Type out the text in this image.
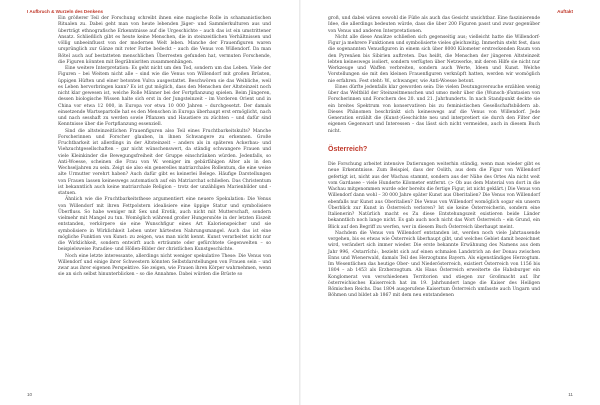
I Aufbruch & Wurzeln des Denkens

Ein größerer Teil der Forschung schreibt ihnen eine magische Rolle in schamanistischen Ritualen zu. Dabei geht man von heute lebenden Jäger- und Sammlerkulturen aus und überträgt ethnografische Erkenntnisse auf die Urgeschichte – auch das ist ein umstrittener Ansatz. Schließlich gibt es heute keine Menschen, die in steinzeitlichen Verhältnissen und völlig unbeeinflusst von der modernen Welt leben. Manche der Frauenfiguren waren ursprünglich zur Gänze mit roter Farbe bedeckt – auch die Venus von Willendorf. Da man Rötel auch auf bestatteten menschlichen Überresten gefunden hat, vermuten Forschende, die Figuren könnten mit Begräbnisriten zusammenhängen.

Eine weitere Interpretation: Es geht nicht um den Tod, sondern um das Leben. Viele der Figuren – bei Weitem nicht alle – sind wie die Venus von Willendorf mit großen Brüsten, üppigen Hüften und einer betonten Vulva ausgestattet. Beschwören sie das Weibliche, weil es Leben hervorbringen kann? Es ist gut möglich, dass den Menschen der Altsteinzeit noch nicht klar gewesen ist, welche Rolle Männer bei der Fortpflanzung spielen. Beim Jüngeren, dessen biologische Wissen halte sich erst in der Jungsteinzeit – im Vorderen Orient und in China vor etwa 12 000, in Europa vor etwa 10 000 Jahren – durchgesetzt. Der damals einsetzende Wartsepartolle hat es den Menschen in Europa überhaupt erst ermöglicht, nach und nach sesshaft zu werden sowie Pflanzen und Haustiere zu züchten – und dafür sind Kenntnisse über die Fortpflanzung essenziell.

Sind die altsteinzeitlichen Frauenfiguren also Teil eines Fruchtbarkeitskults? Manche Forscherinnen und Forscher glauben, in ihnen Schwangere zu erkennen. Große Fruchtbarkeit ist allerdings in der Altsteinzeit – anders als in späteren Ackerbau- und Viehzuchtgesellschaften – gar nicht wünschenswert, da ständig schwangere Frauen und viele Kleinkinder die Bewegungsfreiheit der Gruppe einschränken würden. Jedenfalls, so Anti-Woesse, scheinen die Frau von W. weniger im gebärfähigen Alter als in den Wechseljahren zu sein. Zeigt sie also ein generelles matriarchales Rollentum, die eine weise alte Urmutter verehrt haben? Auch dafür gibt es keinerlei Belege. Häufige Darstellungen von Frauen lassen keineswegs automatisch auf ein Matriarchat schließen. Das Christentum ist bekanntlich auch keine matriarchale Religion – trotz der unzähligen Marienbilder und -statuen.

Ähnlich wie die Fruchtbarkeitsthese argumentiert eine neuere Spekulation: Die Venus von Willendorf mit ihren Fettpolstern idealisiere eine üppige Statur und symbolisiere Überfluss. So habe weniger mit Sex und Erotik, auch nicht mit Mutterschaft, sondern vielmehr mit Mangel zu tun. Womöglich während großer Hungersnöte in der letzten Eiszeit entstanden, verkörpere sie eine Wunschfigur eines Art Kalorienspeicher und sie symbolisiere in Wirklichkeit Leben unter härtesten Nahrungsmangel. Auch das ist eine mögliche Funktion von Kunst: zu zeigen, was man nicht kennt. Kunst verarbeitet nicht nur die Wirklichkeit, sondern entwirft auch erträumte oder gefürchtete Gegenwelten – so beispielsweise Paradies- und Höllen-Bilder der christlichen Kunstgeschichte.

Noch eine letzte interessante, allerdings nicht weniger spekulative These: Die Venus von Willendorf und einige ihrer Schwestern könnten Selbstdarstellungen von Frauen sein – und zwar aus ihrer eigenen Perspektive. Sie zeigen, wie Frauen ihren Körper wahrnehmen, wenn sie an sich selbst hinunterblicken – so die Annahme. Dabei würden die Brüste so

10
Auftakt

groß, und dabei wären sowohl die Füße als auch das Gesicht unsichtbar. Eine faszinierende Idee, die allerdings bedeuten würde, dass die über 200 Figuren passt und zwar gegenüber von Venus und anderen Interpretationen.

Nicht alle diese Ansätze schließen sich gegenseitig aus; vielleicht hatte die Willendorf-Figur ja mehrere Funktionen und symbolisierte vieles gleichzeitig. Immerhin steht fest, dass die sogenannten Venusfiguren in einem sich über 8000 Kilometer erstreckenden Raum von den Pyrenäen bis Sibirien auftreten. Das heißt, die Menschen der jüngeren Altsteinzeit lebten keineswegs isoliert, sondern verfügten über Netzwerke, mit deren Hilfe sie nicht nur Werkzeuge und Waffen verbreiten, sondern auch Werte, Ideen und Kunst. Welche Vorstellungen sie mit den kleinen Frauenfiguren verknüpft hatten, werden wir womöglich nie erfahren. Fest steht: W., schwanger, wie Anti-Woesse betont.

Eines dürfte jedenfalls klar geworden sein: Die vielen Deutungsversuche erzählen wenig über das Weltbild der Steinzeitmenschen und umso mehr über die (Wunsch-)Fantasien von Forscherinnen und Forschern des 20. und 21. Jahrhunderts. In nach Standpunkt deckte sie ein breites Spektrum von konservativen bis zu feministischen Gesellschaftsbildern ab. Dieses Phänomen beschränkt sich keineswegs auf die Venus von Willendorf. Jede Generation erzählt die (Kunst-)Geschichte neu und interpretiert sie durch den Filter der eigenen Gegenwart und Interessen – das lässt sich nicht vermeiden, auch in diesem Buch nicht.

Österreich?

Die Forschung arbeitet intensive Datierungen weiterhin ständig, wenn man wieder gibt es neue Erkenntnisse. Zum Beispiel, dass der Oolith, aus dem die Figur von Willendorf gefertigt ist, nicht aus der Wachau stammt, sondern aus der Nähe des Ortes Ala nicht weit vom Gardasee – viele Hunderte Kilometer entfernt. (> Ob aus dem Material von dort in die Wachau mitgenommen wurde oder bereits die fertige Figur, ist nicht geklärt.) Die Venus von Willendorf dann wohl – 30 000 Jahre später Kunst aus Oberitalien? Die Venus von Willendorf ebenfalls nur Kunst aus Oberitalien? Die Venus von Willendorf womöglich sogar ein unsern Überblick zur Kunst in Österreich verloren? Ist sie keine Österreicherin, sondern eine Italienerin? Natürlich macht es Zu diese Entstehungszeit existieren beide Länder bekanntlich noch lange nicht. Es gab auch noch nicht das Wort Österreich – ein Grund, ein Blick auf den Begriff zu werfen, wer in diesem Buch Österreich überhaupt meint.

Nachdem die Venus von Willendorf entstanden ist, werden noch viele Jahrtausende vergehen, bis es etwas wie Österreich überhaupt gibt, und welches Gebiet damit bezeichnet wird, verändert sich immer wieder. Die erste bekannte Erwähnung des Namens aus dem Jahr 996, ›Ostarrîchi‹, bezieht sich auf einen schmalen Landstrich an der Donau zwischen Enns und Wienerwald, damals Teil des Herzogtums Bayern. Als eigenständiges Herzogtum. Im Wesentlichen das heutige Ober- und Niederösterreich, existiert Österreich von 1156 bis 1804 – ab 1453 als Erzherzogtum. Als Haus Österreich erweiterte die Habsburger ein Konglomerat von verschiedenen Territorien und stiegen zur Großmacht auf. Ihr österreichisches Kaiserreich hat im 19. Jahrhundert lange die Kaiser des Heiligen Römischen Reichs. Das 1804 ausgerufene Kaisertum Österreich umfasste auch Ungarn und Böhmen und bildet ab 1867 mit dem neu entstandenen

11
